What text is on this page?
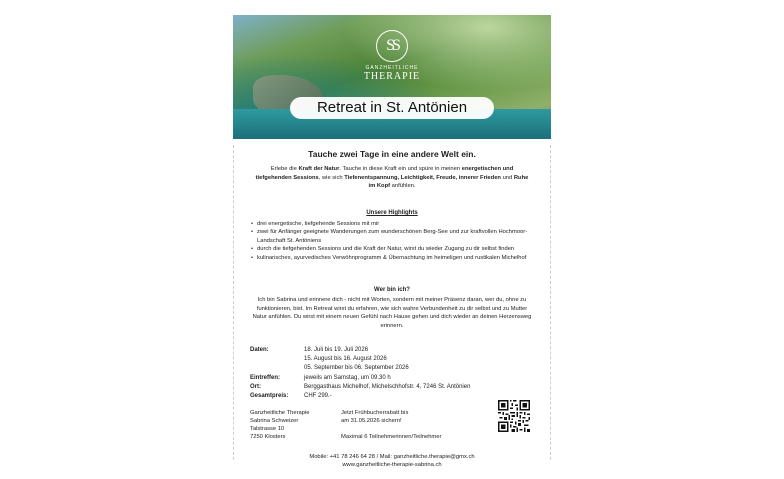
SS
GANZHEITLICHE
THERAPIE
Retreat in St. Antönien
Tauche zwei Tage in eine andere Welt ein.
Erlebe die Kraft der Natur. Tauche in diese Kraft ein und spüre in meinen energetischen und tiefgehenden Sessions, wie sich Tiefenentspannung, Leichtigkeit, Freude, innerer Frieden und Ruhe im Kopf anfühlen.
Unsere Highlights
• drei energetische, tiefgehende Sessions mit mir
• zwei für Anfänger geeignete Wanderungen zum wunderschönen Berg-See und zur kraftvollen Hochmoor-Landschaft St. Antöniens
• durch die tiefgehenden Sessions und die Kraft der Natur, wirst du wieder Zugang zu dir selbst finden
• kulinarisches, ayurvedisches Verwöhnprogramm & Übernachtung im heimeligen und rustikalen Michelhof
Wer bin ich?
Ich bin Sabrina und erinnere dich - nicht mit Worten, sondern mit meiner Präsenz daran, wer du, ohne zu funktionieren, bist. Im Retreat wirst du erfahren, wie sich wahre Verbundenheit zu dir selbst und zu Mutter Natur anfühlen. Du wirst mit einem neuen Gefühl nach Hause gehen und dich wieder an deinen Herzensweg erinnern.
Daten:	18. Juli bis 19. Juli 2026
15. August bis 16. August 2026
05. September bis 06. September 2026
Eintreffen:	jeweils am Samstag, um 09.30 h
Ort:	Berggasthaus Michelhof, Michelschhofstr. 4, 7246 St. Antönien
Gesamtpreis:	CHF 299.-
Ganzheitliche Therapie
Sabrina Schweizer
Talstrasse 10
7250 Klosters
Jetzt Frühbucherrabatt bis
am 31.05.2026 sichern!
Maximal 6 Teilnehmerinnen/Teilnehmer
Mobile: +41 78 246 64 28 / Mail: ganzheitliche.therapie@gmx.ch
www.ganzheitliche-therapie-sabrina.ch
